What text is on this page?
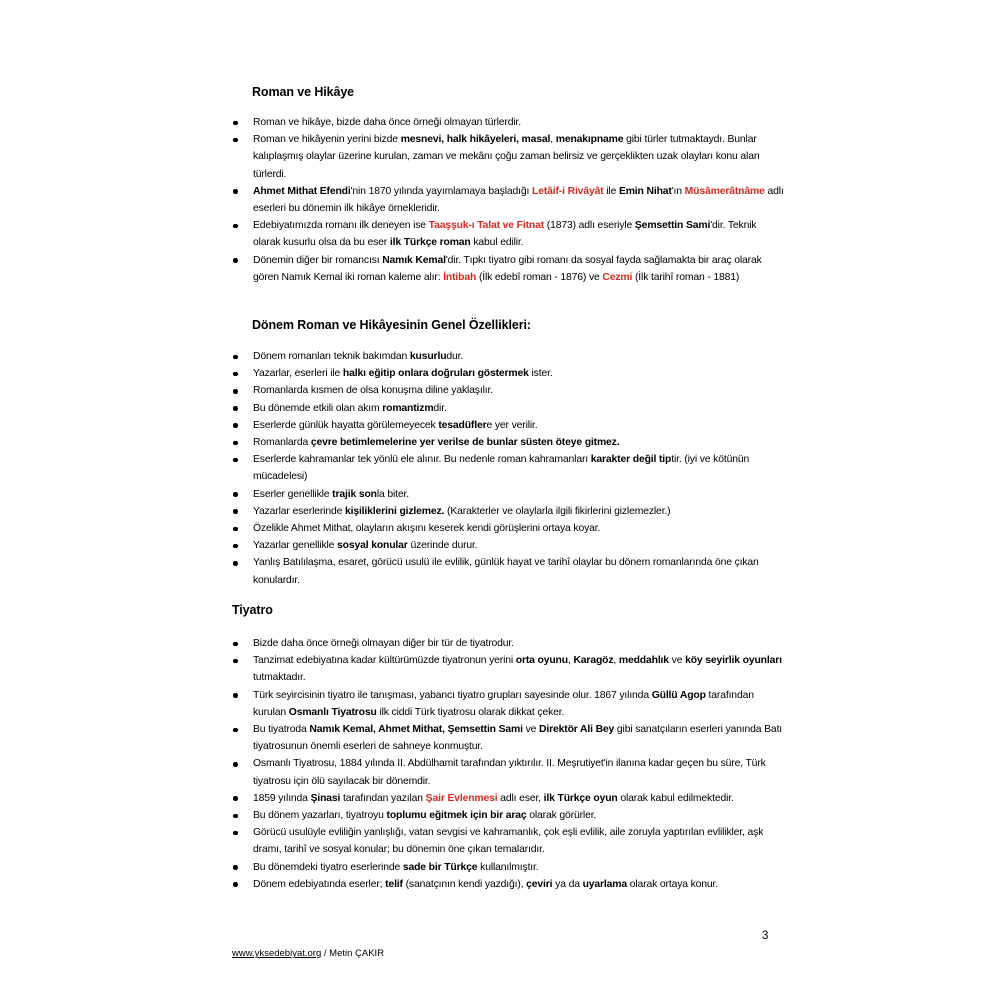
Roman ve Hikâye
Roman ve hikâye, bizde daha önce örneği olmayan türlerdir.
Roman ve hikâyenin yerini bizde mesnevi, halk hikâyeleri, masal, menakıpname gibi türler tutmaktaydı. Bunlar kalıplaşmış olaylar üzerine kurulan, zaman ve mekânı çoğu zaman belirsiz ve gerçeklikten uzak olayları konu alan türlerdi.
Ahmet Mithat Efendi'nin 1870 yılında yayımlamaya başladığı Letâif-i Rivâyât ile Emin Nihat'ın Müsâmerâtnâme adlı eserleri bu dönemin ilk hikâye örnekleridir.
Edebiyatımızda romanı ilk deneyen ise Taaşşuk-ı Talat ve Fitnat (1873) adlı eseriyle Şemsettin Sami'dir. Teknik olarak kusurlu olsa da bu eser ilk Türkçe roman kabul edilir.
Dönemin diğer bir romancısı Namık Kemal'dir. Tıpkı tiyatro gibi romanı da sosyal fayda sağlamakta bir araç olarak gören Namık Kemal iki roman kaleme alır: İntibah (İlk edebî roman - 1876) ve Cezmi (İlk tarihî roman - 1881)
Dönem Roman ve Hikâyesinin Genel Özellikleri:
Dönem romanları teknik bakımdan kusurludur.
Yazarlar, eserleri ile halkı eğitip onlara doğruları göstermek ister.
Romanlarda kısmen de olsa konuşma diline yaklaşılır.
Bu dönemde etkili olan akım romantizmdir.
Eserlerde günlük hayatta görülemeyecek tesadüflere yer verilir.
Romanlarda çevre betimlemelerine yer verilse de bunlar süsten öteye gitmez.
Eserlerde kahramanlar tek yönlü ele alınır. Bu nedenle roman kahramanları karakter değil tiptir. (iyi ve kötünün mücadelesi)
Eserler genellikle trajik sonla biter.
Yazarlar eserlerinde kişiliklerini gizlemez. (Karakterler ve olaylarla ilgili fikirlerini gizlemezler.)
Özelikle Ahmet Mithat, olayların akışını keserek kendi görüşlerini ortaya koyar.
Yazarlar genellikle sosyal konular üzerinde durur.
Yanlış Batılılaşma, esaret, görücü usulü ile evlilik, günlük hayat ve tarihî olaylar bu dönem romanlarında öne çıkan konulardır.
Tiyatro
Bizde daha önce örneği olmayan diğer bir tür de tiyatrodur.
Tanzimat edebiyatına kadar kültürümüzde tiyatronun yerini orta oyunu, Karagöz, meddahlık ve köy seyirlik oyunları tutmaktadır.
Türk seyircisinin tiyatro ile tanışması, yabancı tiyatro grupları sayesinde olur. 1867 yılında Güllü Agop tarafından kurulan Osmanlı Tiyatrosu ilk ciddi Türk tiyatrosu olarak dikkat çeker.
Bu tiyatroda Namık Kemal, Ahmet Mithat, Şemsettin Sami ve Direktör Ali Bey gibi sanatçıların eserleri yanında Batı tiyatrosunun önemli eserleri de sahneye konmuştur.
Osmanlı Tiyatrosu, 1884 yılında II. Abdülhamit tarafından yıktırılır. II. Meşrutiyet'in ilanına kadar geçen bu süre, Türk tiyatrosu için ölü sayılacak bir dönemdir.
1859 yılında Şinasi tarafından yazılan Şair Evlenmesi adlı eser, ilk Türkçe oyun olarak kabul edilmektedir.
Bu dönem yazarları, tiyatroyu toplumu eğitmek için bir araç olarak görürler.
Görücü usulüyle evliliğin yanlışlığı, vatan sevgisi ve kahramanlık, çok eşli evlilik, aile zoruyla yaptırılan evlilikler, aşk dramı, tarihî ve sosyal konular; bu dönemin öne çıkan temalarıdır.
Bu dönemdeki tiyatro eserlerinde sade bir Türkçe kullanılmıştır.
Dönem edebiyatında eserler; telif (sanatçının kendi yazdığı), çeviri ya da uyarlama olarak ortaya konur.
3
www.yksedebiyat.org / Metin ÇAKIR
